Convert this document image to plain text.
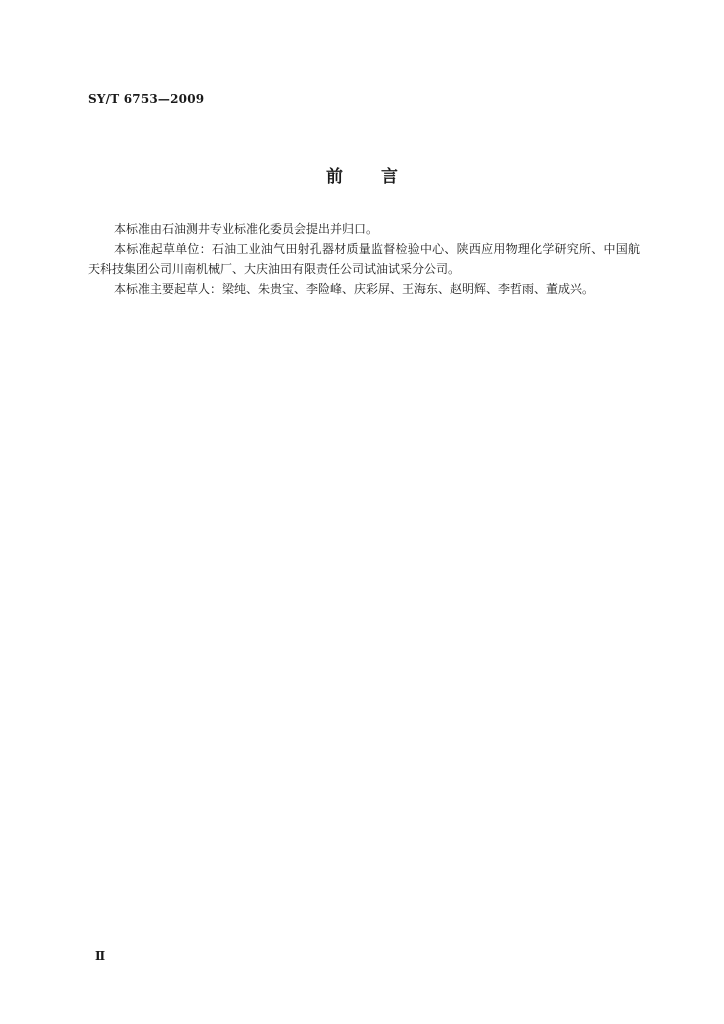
SY/T 6753—2009
前言

本标准由石油测井专业标准化委员会提出并归口。

本标准起草单位：石油工业油气田射孔器材质量监督检验中心、陕西应用物理化学研究所、中国航天科技集团公司川南机械厂、大庆油田有限责任公司试油试采分公司。

本标准主要起草人：梁纯、朱贵宝、李险峰、庆彩屏、王海东、赵明辉、李哲雨、董成兴。

Ⅱ
